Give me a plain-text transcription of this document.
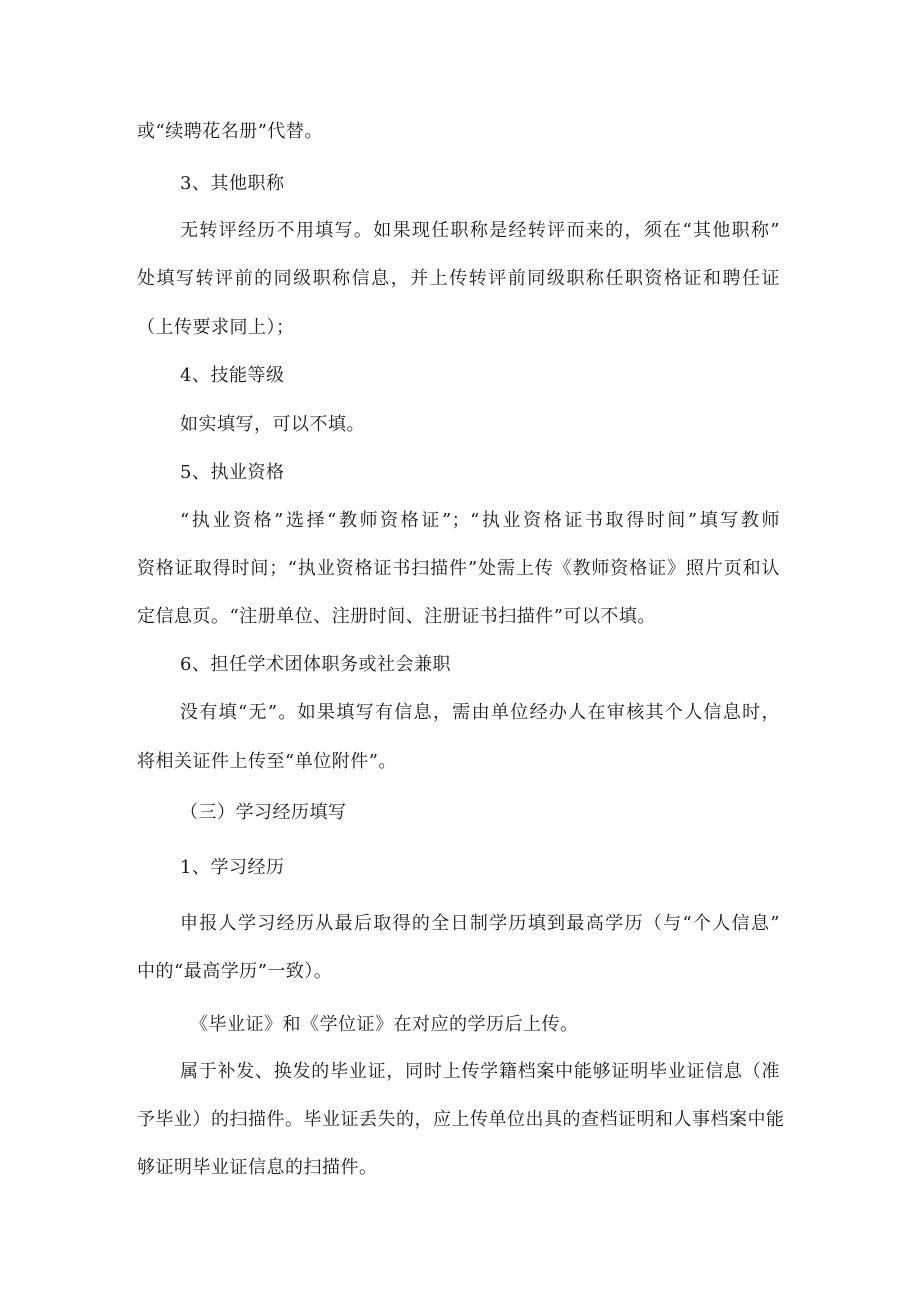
或“续聘花名册”代替。
3、其他职称
无转评经历不用填写。如果现任职称是经转评而来的，须在“其他职称”
处填写转评前的同级职称信息，并上传转评前同级职称任职资格证和聘任证
（上传要求同上）；
4、技能等级
如实填写，可以不填。
5、执业资格
“执业资格”选择“教师资格证”；“执业资格证书取得时间”填写教师
资格证取得时间；“执业资格证书扫描件”处需上传《教师资格证》照片页和认
定信息页。“注册单位、注册时间、注册证书扫描件”可以不填。
6、担任学术团体职务或社会兼职
没有填“无”。如果填写有信息，需由单位经办人在审核其个人信息时，
将相关证件上传至“单位附件”。
（三）学习经历填写
1、学习经历
申报人学习经历从最后取得的全日制学历填到最高学历（与“个人信息”
中的“最高学历”一致）。
《毕业证》和《学位证》在对应的学历后上传。
属于补发、换发的毕业证，同时上传学籍档案中能够证明毕业证信息（准
予毕业）的扫描件。毕业证丢失的，应上传单位出具的查档证明和人事档案中能
够证明毕业证信息的扫描件。
